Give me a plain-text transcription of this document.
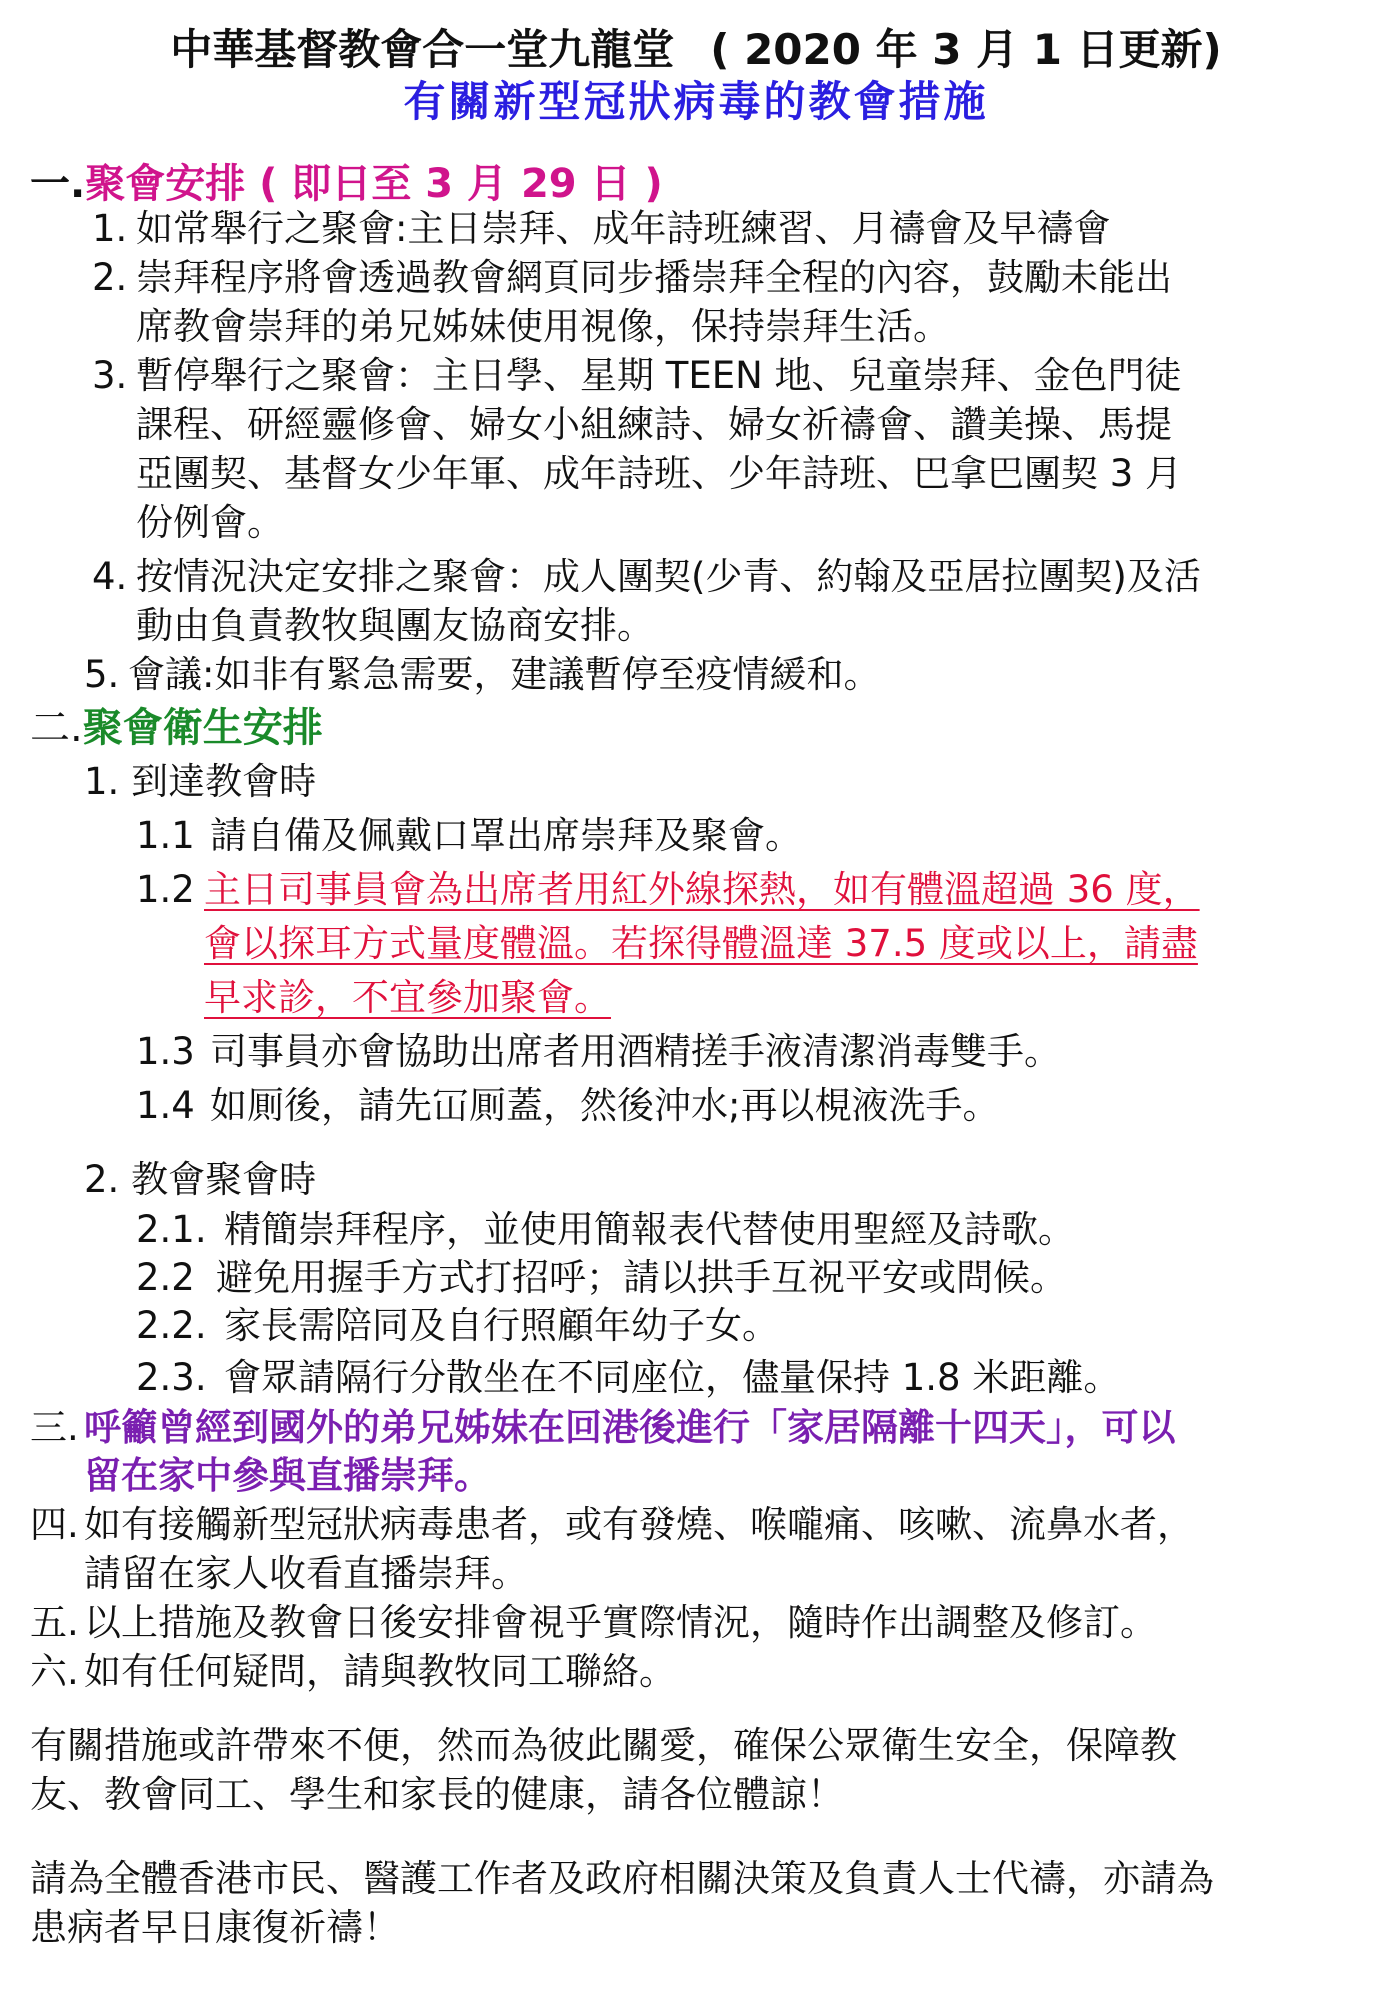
中華基督教會合一堂九龍堂 ( 2020 年 3 月 1 日更新)
有關新型冠狀病毒的教會措施
一.聚會安排 ( 即日至 3 月 29 日 )
1. 如常舉行之聚會:主日崇拜、成年詩班練習、月禱會及早禱會
2. 崇拜程序將會透過教會網頁同步播崇拜全程的內容，鼓勵未能出
席教會崇拜的弟兄姊妹使用視像，保持崇拜生活。
3. 暫停舉行之聚會：主日學、星期 TEEN 地、兒童崇拜、金色門徒
課程、研經靈修會、婦女小組練詩、婦女祈禱會、讚美操、馬提
亞團契、基督女少年軍、成年詩班、少年詩班、巴拿巴團契 3 月
份例會。
4. 按情況決定安排之聚會：成人團契(少青、約翰及亞居拉團契)及活
動由負責教牧與團友協商安排。
5. 會議:如非有緊急需要，建議暫停至疫情緩和。
二.聚會衛生安排
1. 到達教會時
1.1 請自備及佩戴口罩出席崇拜及聚會。
1.2 主日司事員會為出席者用紅外線探熱，如有體溫超過 36 度，
會以探耳方式量度體溫。若探得體溫達 37.5 度或以上，請盡
早求診，不宜參加聚會。
1.3 司事員亦會協助出席者用酒精搓手液清潔消毒雙手。
1.4 如厠後，請先冚厠蓋，然後沖水;再以梘液洗手。
2. 教會聚會時
2.1. 精簡崇拜程序，並使用簡報表代替使用聖經及詩歌。
2.2 避免用握手方式打招呼；請以拱手互祝平安或問候。
2.2. 家長需陪同及自行照顧年幼子女。
2.3. 會眾請隔行分散坐在不同座位，儘量保持 1.8 米距離。
三. 呼籲曾經到國外的弟兄姊妹在回港後進行「家居隔離十四天」，可以
留在家中參與直播崇拜。
四. 如有接觸新型冠狀病毒患者，或有發燒、喉嚨痛、咳嗽、流鼻水者，
請留在家人收看直播崇拜。
五. 以上措施及教會日後安排會視乎實際情況，隨時作出調整及修訂。
六. 如有任何疑問，請與教牧同工聯絡。
有關措施或許帶來不便，然而為彼此關愛，確保公眾衛生安全，保障教
友、教會同工、學生和家長的健康，請各位體諒！
請為全體香港市民、醫護工作者及政府相關決策及負責人士代禱，亦請為
患病者早日康復祈禱！
